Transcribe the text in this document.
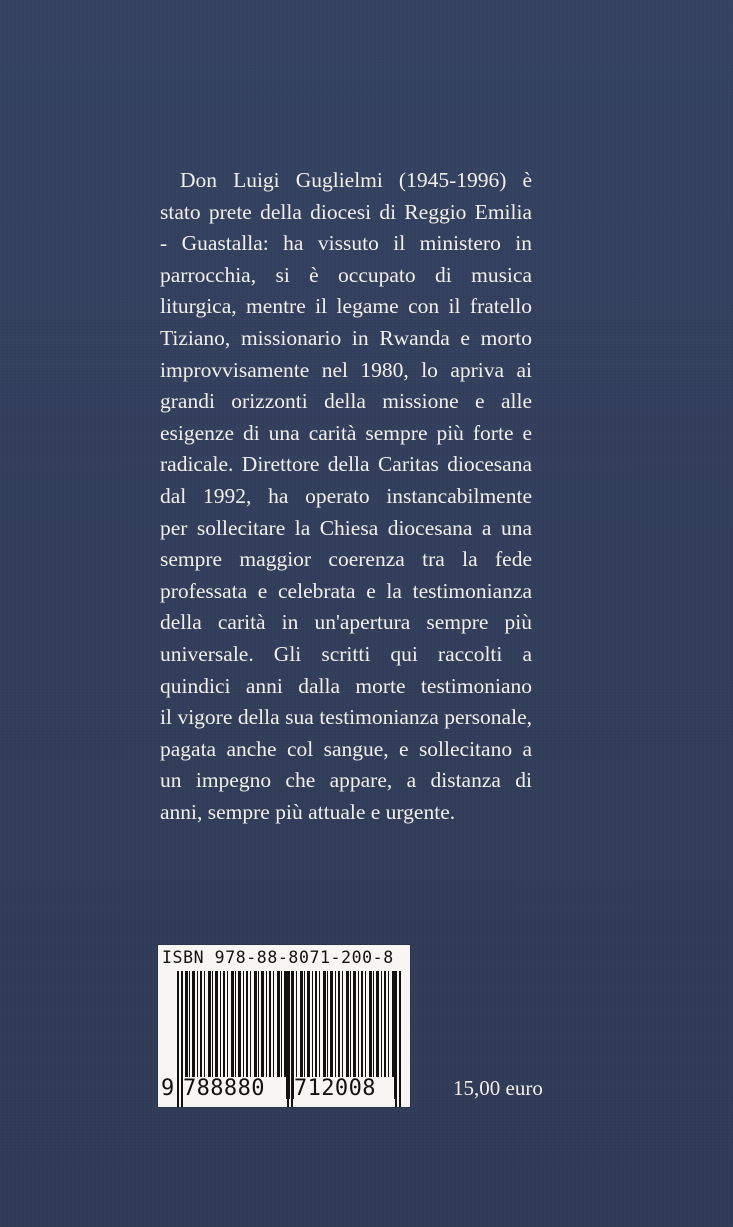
Don Luigi Guglielmi (1945-1996) è
stato prete della diocesi di Reggio Emilia
- Guastalla: ha vissuto il ministero in
parrocchia, si è occupato di musica
liturgica, mentre il legame con il fratello
Tiziano, missionario in Rwanda e morto
improvvisamente nel 1980, lo apriva ai
grandi orizzonti della missione e alle
esigenze di una carità sempre più forte e
radicale. Direttore della Caritas diocesana
dal 1992, ha operato instancabilmente
per sollecitare la Chiesa diocesana a una
sempre maggior coerenza tra la fede
professata e celebrata e la testimonianza
della carità in un'apertura sempre più
universale. Gli scritti qui raccolti a
quindici anni dalla morte testimoniano
il vigore della sua testimonianza personale,
pagata anche col sangue, e sollecitano a
un impegno che appare, a distanza di
anni, sempre più attuale e urgente.
ISBN 978-88-8071-200-8
9 788880 712008	15,00 euro
